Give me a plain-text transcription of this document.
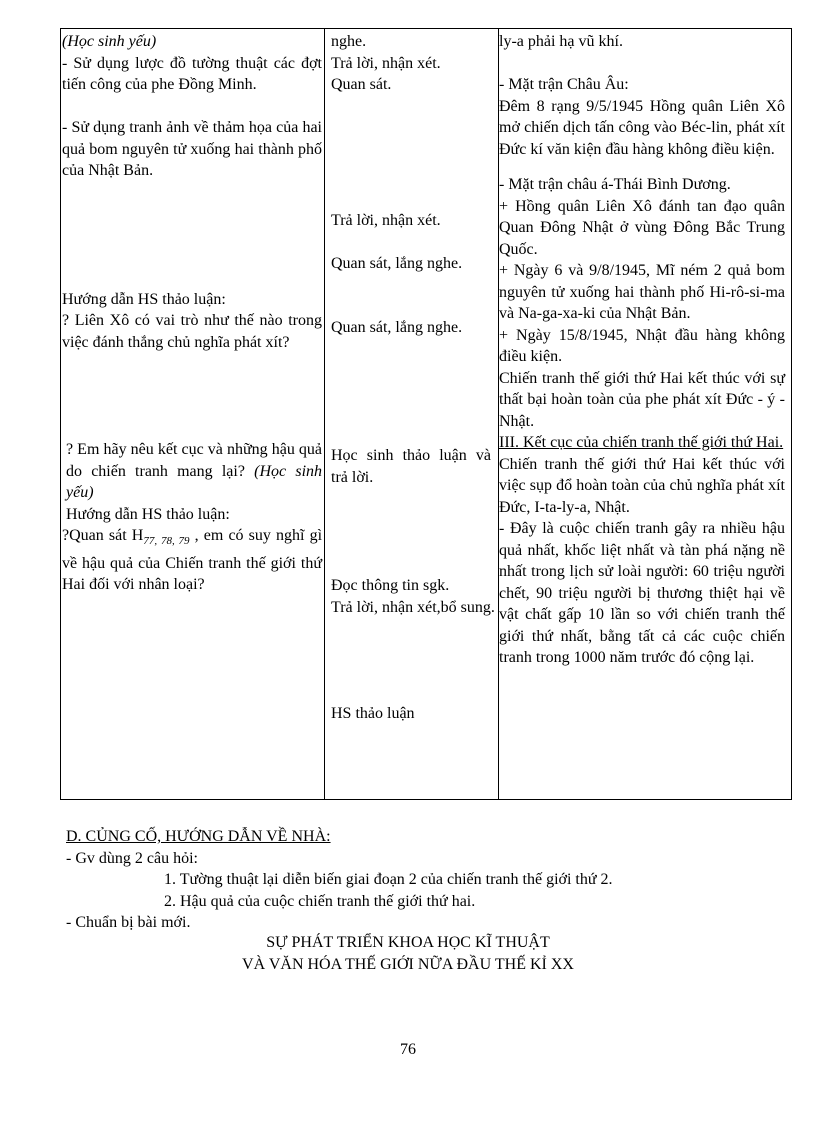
(Học sinh yếu)

- Sử dụng lược đồ tường thuật các đợt tiến công của phe Đồng Minh.

- Sử dụng tranh ảnh về thảm họa của hai quả bom nguyên tử xuống hai thành phố của Nhật Bản.

Hướng dẫn HS thảo luận:

? Liên Xô có vai trò như thế nào trong việc đánh thắng chủ nghĩa phát xít?

? Em hãy nêu kết cục và những hậu quả do chiến tranh mang lại? (Học sinh yếu)

Hướng dẫn HS thảo luận:

?Quan sát $H_{77, 78, 79}$ , em có suy nghĩ gì về hậu quả của Chiến tranh thế giới thứ Hai đối với nhân loại?

nghe.

Trả lời, nhận xét.

Quan sát.

Trả lời, nhận xét.

Quan sát, lắng nghe.

Quan sát, lắng nghe.

Học sinh thảo luận và trả lời.

Đọc thông tin sgk.

Trả lời, nhận xét,bổ sung.

HS thảo luận

ly-a phải hạ vũ khí.

- Mặt trận Châu Âu:

Đêm 8 rạng 9/5/1945 Hồng quân Liên Xô mở chiến dịch tấn công vào Béc-lin, phát xít Đức kí văn kiện đầu hàng không điều kiện.

- Mặt trận châu á-Thái Bình Dương.

+ Hồng quân Liên Xô đánh tan đạo quân Quan Đông Nhật ở vùng Đông Bắc Trung Quốc.

+ Ngày 6 và 9/8/1945, Mĩ ném 2 quả bom nguyên tử xuống hai thành phố Hi-rô-si-ma và Na-ga-xa-ki của Nhật Bản.

+ Ngày 15/8/1945, Nhật đầu hàng không điều kiện.

Chiến tranh thế giới thứ Hai kết thúc với sự thất bại hoàn toàn của phe phát xít Đức - ý - Nhật.

III. Kết cục của chiến tranh thế giới thứ Hai.

Chiến tranh thế giới thứ Hai kết thúc với việc sụp đổ hoàn toàn của chủ nghĩa phát xít Đức, I-ta-ly-a, Nhật.

- Đây là cuộc chiến tranh gây ra nhiều hậu quả nhất, khốc liệt nhất và tàn phá nặng nề nhất trong lịch sử loài người: 60 triệu người chết, 90 triệu người bị thương thiệt hại về vật chất gấp 10 lần so với chiến tranh thế giới thứ nhất, bằng tất cả các cuộc chiến tranh trong 1000 năm trước đó cộng lại.

D. CỦNG CỐ, HƯỚNG DẪN VỀ NHÀ:

- Gv dùng 2 câu hỏi:

1. Tường thuật lại diễn biến giai đoạn 2 của chiến tranh thế giới thứ 2.

2. Hậu quả của cuộc chiến tranh thế giới thứ hai.

- Chuẩn bị bài mới.

SỰ PHÁT TRIỂN KHOA HỌC KĨ THUẬT
VÀ VĂN HÓA THẾ GIỚI NỮA ĐẦU THẾ KỈ XX
76
